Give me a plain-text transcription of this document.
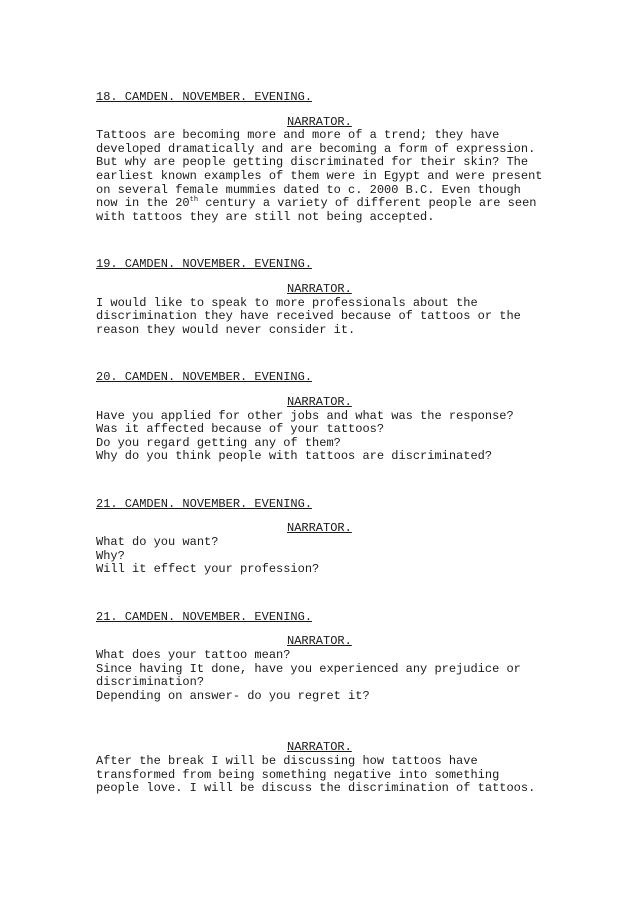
18. CAMDEN. NOVEMBER. EVENING.
NARRATOR.
Tattoos are becoming more and more of a trend; they have
developed dramatically and are becoming a form of expression.
But why are people getting discriminated for their skin? The
earliest known examples of them were in Egypt and were present
on several female mummies dated to c. 2000 B.C. Even though
now in the 20th century a variety of different people are seen
with tattoos they are still not being accepted.
19. CAMDEN. NOVEMBER. EVENING.
NARRATOR.
I would like to speak to more professionals about the
discrimination they have received because of tattoos or the
reason they would never consider it.
20. CAMDEN. NOVEMBER. EVENING.
NARRATOR.
Have you applied for other jobs and what was the response?
Was it affected because of your tattoos?
Do you regard getting any of them?
Why do you think people with tattoos are discriminated?
21. CAMDEN. NOVEMBER. EVENING.
NARRATOR.
What do you want?
Why?
Will it effect your profession?
21. CAMDEN. NOVEMBER. EVENING.
NARRATOR.
What does your tattoo mean?
Since having It done, have you experienced any prejudice or
discrimination?
Depending on answer- do you regret it?
NARRATOR.
After the break I will be discussing how tattoos have
transformed from being something negative into something
people love. I will be discuss the discrimination of tattoos.
